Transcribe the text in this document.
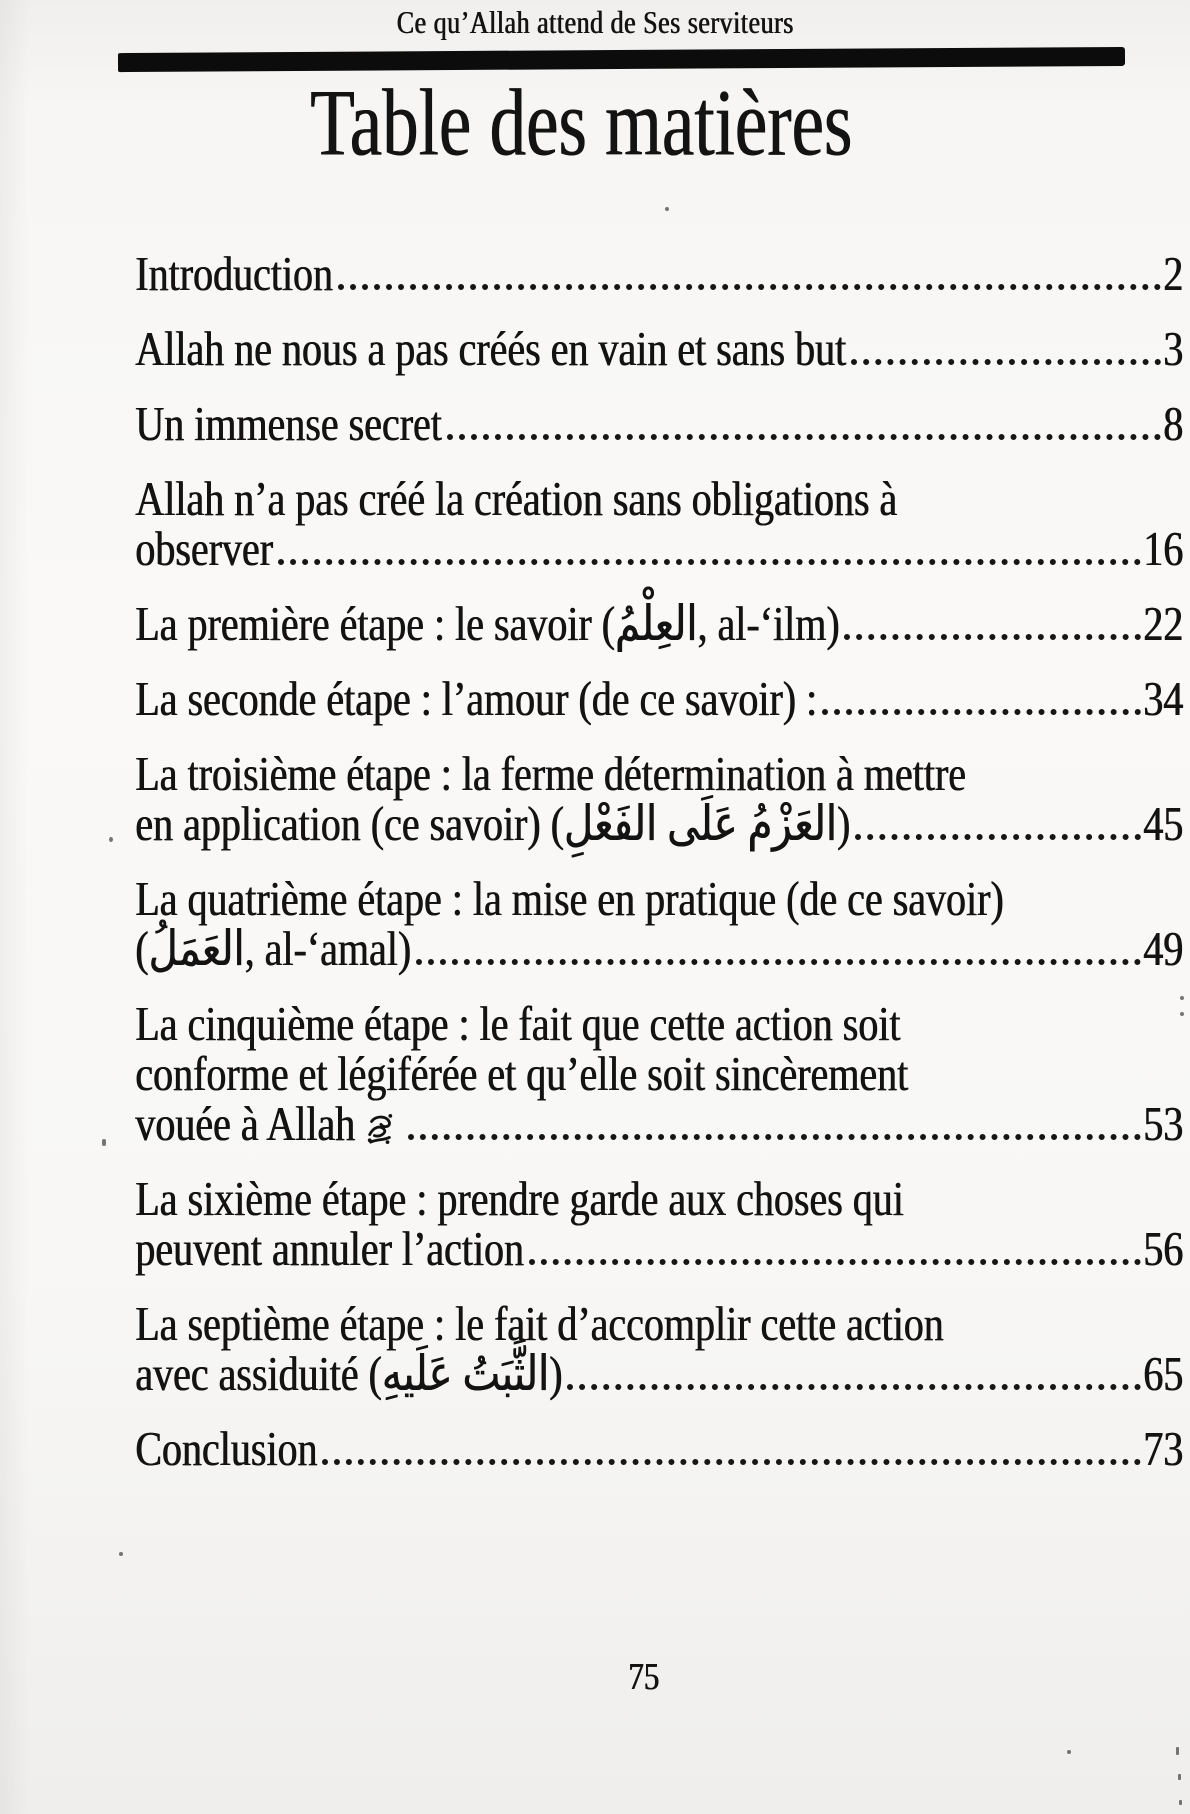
Ce qu’Allah attend de Ses serviteurs
Table des matières
Introduction	2
Allah ne nous a pas créés en vain et sans but	3
Un immense secret	8
Allah n’a pas créé la création sans obligations à
observer	16
La première étape : le savoir (العِلْمُ, al-‘ilm)	22
La seconde étape : l’amour (de ce savoir) :	34
La troisième étape : la ferme détermination à mettre
en application (ce savoir) (العَزْمُ عَلَى الفَعْلِ)	45
La quatrième étape : la mise en pratique (de ce savoir)
(العَمَلُ, al-‘amal)	49
La cinquième étape : le fait que cette action soit
conforme et légiférée et qu’elle soit sincèrement
vouée à Allah	53
La sixième étape : prendre garde aux choses qui
peuvent annuler l’action	56
La septième étape : le fait d’accomplir cette action
avec assiduité (الثَّبَتُ عَلَيهِ)	65
Conclusion	73
75
